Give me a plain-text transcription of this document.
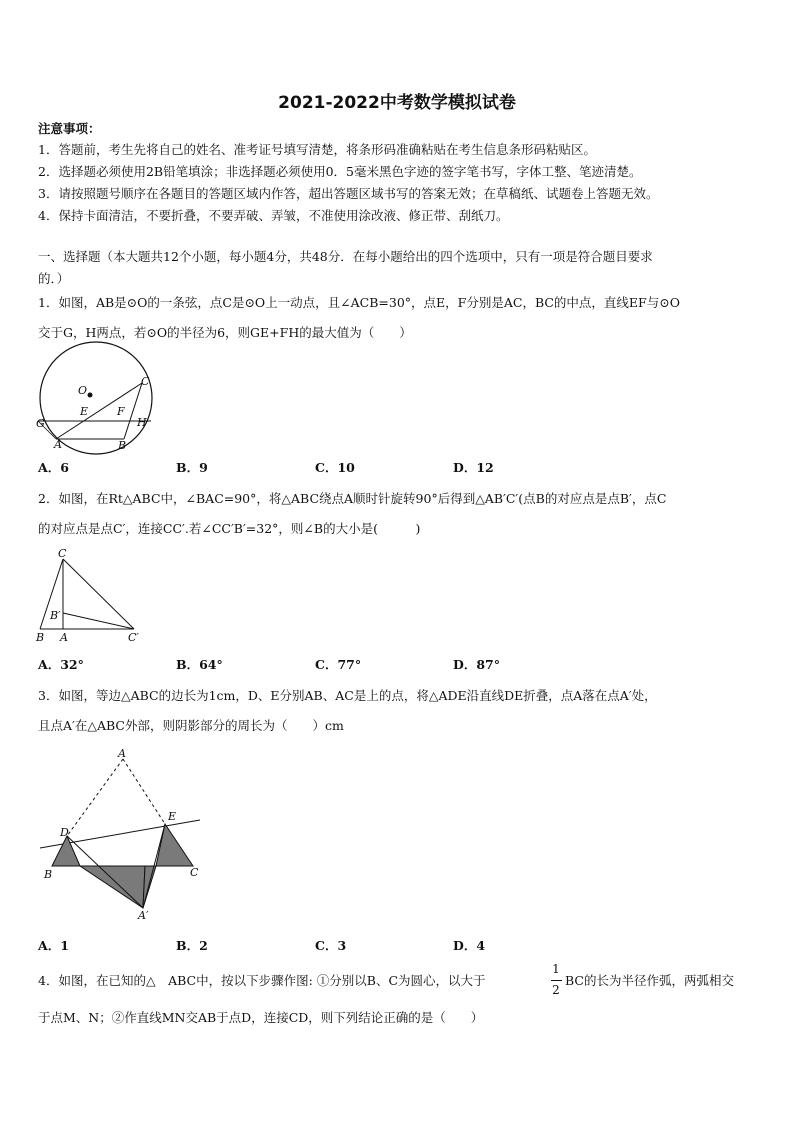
2021-2022中考数学模拟试卷
注意事项：
1．答题前，考生先将自己的姓名、准考证号填写清楚，将条形码准确粘贴在考生信息条形码粘贴区。
2．选择题必须使用2B铅笔填涂；非选择题必须使用0．5毫米黑色字迹的签字笔书写，字体工整、笔迹清楚。
3．请按照题号顺序在各题目的答题区域内作答，超出答题区域书写的答案无效；在草稿纸、试题卷上答题无效。
4．保持卡面清洁，不要折叠，不要弄破、弄皱，不准使用涂改液、修正带、刮纸刀。
一、选择题（本大题共12个小题，每小题4分，共48分．在每小题给出的四个选项中，只有一项是符合题目要求
的．）
1．如图，AB是⊙O的一条弦，点C是⊙O上一动点，且∠ACB=30°，点E，F分别是AC，BC的中点，直线EF与⊙O
交于G，H两点，若⊙O的半径为6，则GE+FH的最大值为（　　）
O
C
E	F
G	H
A	B
A．6	B．9	C．10	D．12
2．如图，在Rt△ABC中，∠BAC=90°，将△ABC绕点A顺时针旋转90°后得到△AB′C′(点B的对应点是点B′，点C
的对应点是点C′，连接CC′.若∠CC′B′=32°，则∠B的大小是(　　　)
C
B′
B A	C′
A．32°	B．64°	C．77°	D．87°
3．如图，等边△ABC的边长为1cm，D、E分别AB、AC是上的点，将△ADE沿直线DE折叠，点A落在点A′处，
且点A′在△ABC外部，则阴影部分的周长为（　　）cm
A
D
E
B	C
A′
A．1	B．2	C．3	D．4
4．如图，在已知的△　ABC中，按以下步骤作图: ①分别以B、C为圆心，以大于
1
2
BC的长为半径作弧，两弧相交
于点M、N；②作直线MN交AB于点D，连接CD，则下列结论正确的是（　　）
